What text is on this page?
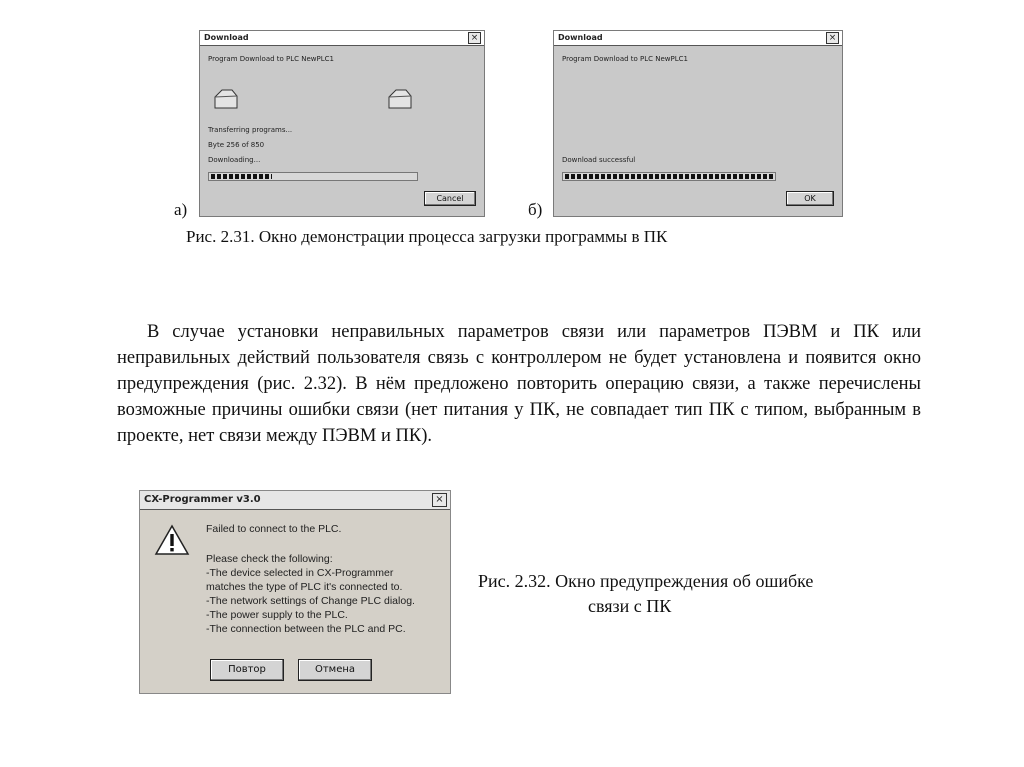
Download	×
Program Download to PLC NewPLC1
Transferring programs...
Byte 256 of 850
Downloading...
Cancel
а)
Download	×
Program Download to PLC NewPLC1
Download successful
OK
б)
Рис. 2.31. Окно демонстрации процесса загрузки программы в ПК

В случае установки неправильных параметров связи или параметров ПЭВМ и ПК или неправильных действий пользователя связь с контроллером не будет установлена и появится окно предупреждения (рис. 2.32). В нём предложено повторить операцию связи, а также перечислены возможные причины ошибки связи (нет питания у ПК, не совпадает тип ПК с типом, выбранным в проекте, нет связи между ПЭВМ и ПК).

CX-Programmer v3.0	×
Failed to connect to the PLC.
Please check the following:
-The device selected in CX-Programmer
matches the type of PLC it's connected to.
-The network settings of Change PLC dialog.
-The power supply to the PLC.
-The connection between the PLC and PC.
Повтор	Отмена
Рис. 2.32. Окно предупреждения об ошибке
связи с ПК
